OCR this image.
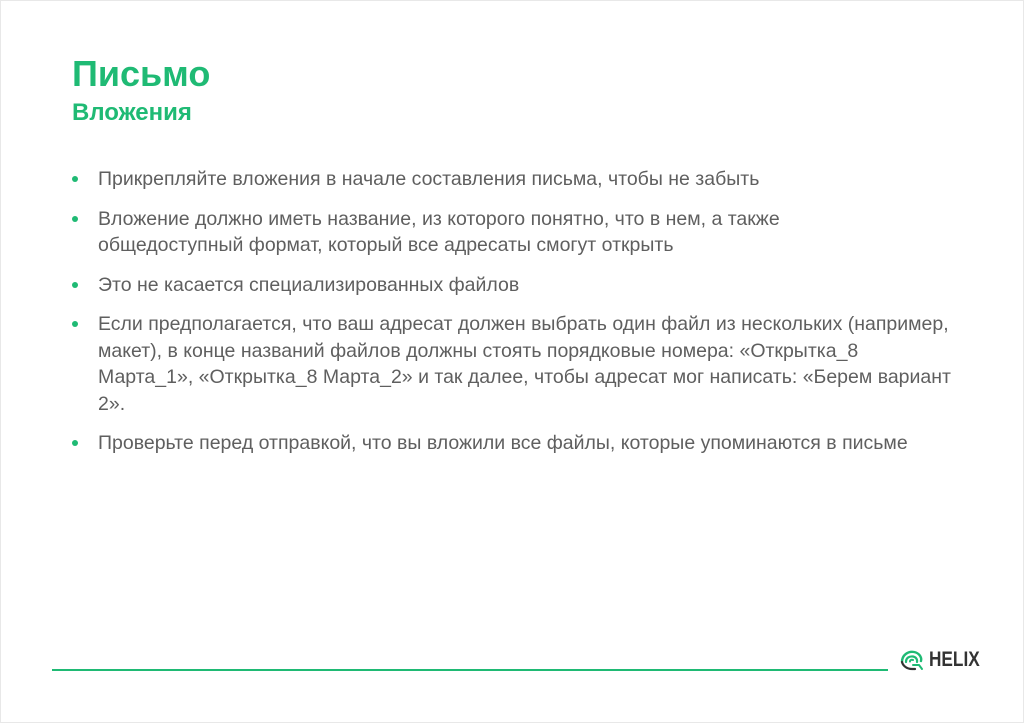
Письмо
Вложения
Прикрепляйте вложения в начале составления письма, чтобы не забыть
Вложение должно иметь название, из которого понятно, что в нем, а также общедоступный формат, который все адресаты смогут открыть
Это не касается специализированных файлов
Если предполагается, что ваш адресат должен выбрать один файл из нескольких (например, макет), в конце названий файлов должны стоять порядковые номера: «Открытка_8 Марта_1», «Открытка_8 Марта_2» и так далее, чтобы адресат мог написать: «Берем вариант 2».
Проверьте перед отправкой, что вы вложили все файлы, которые упоминаются в письме
HELIX
